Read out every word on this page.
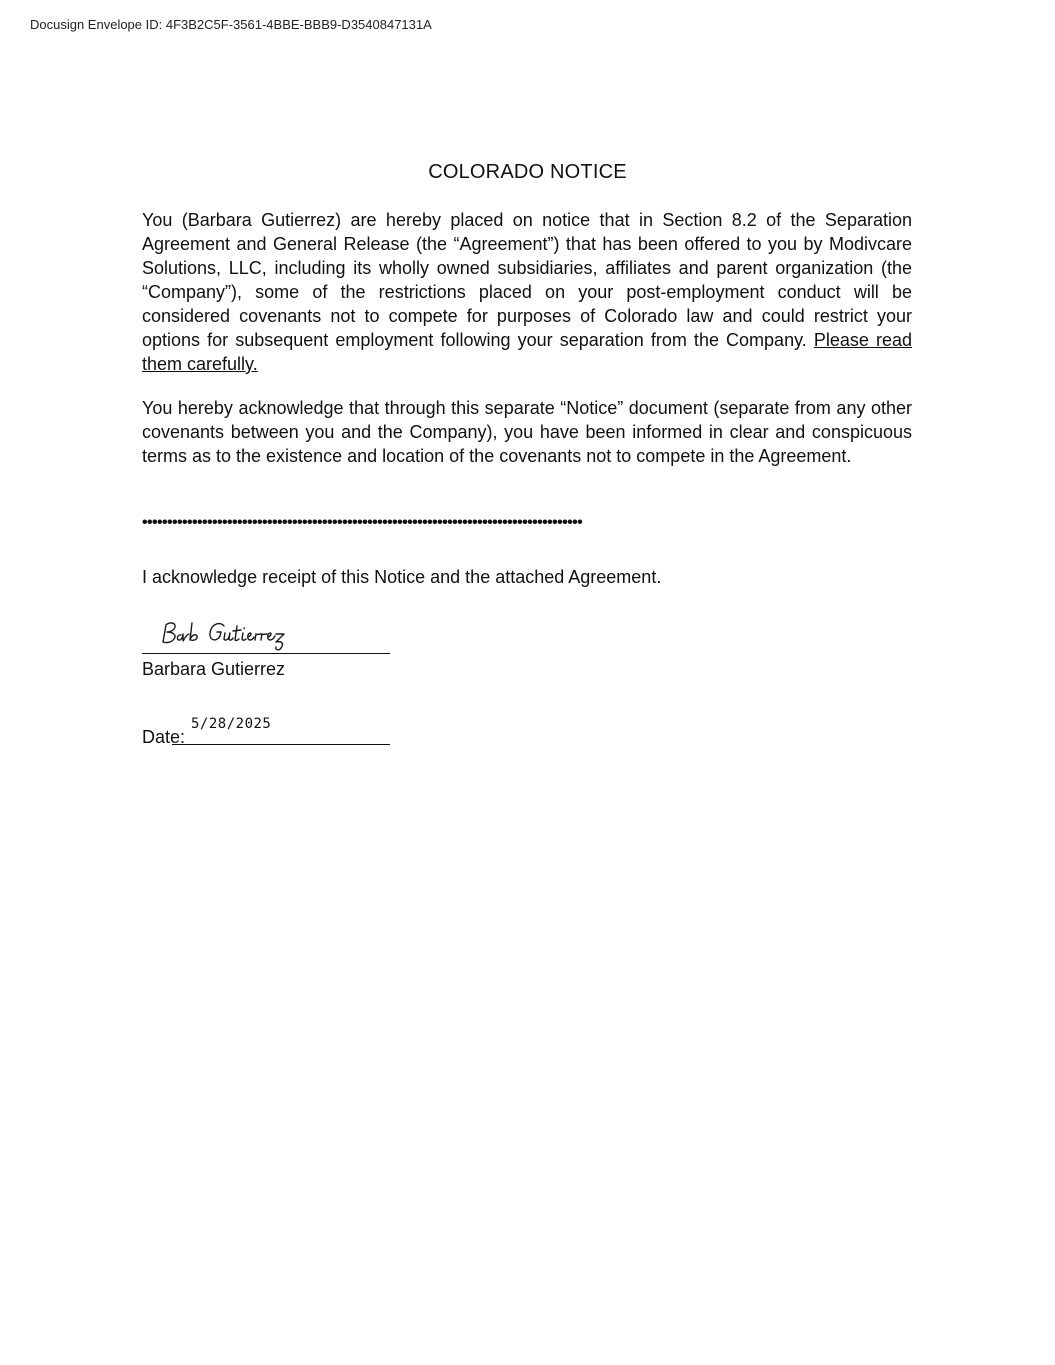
Docusign Envelope ID: 4F3B2C5F-3561-4BBE-BBB9-D3540847131A
COLORADO NOTICE

You (Barbara Gutierrez) are hereby placed on notice that in Section 8.2 of the Separation Agreement and General Release (the “Agreement”) that has been offered to you by Modivcare Solutions, LLC, including its wholly owned subsidiaries, affiliates and parent organization (the “Company”), some of the restrictions placed on your post-employment conduct will be considered covenants not to compete for purposes of Colorado law and could restrict your options for subsequent employment following your separation from the Company. Please read them carefully.

You hereby acknowledge that through this separate “Notice” document (separate from any other covenants between you and the Company), you have been informed in clear and conspicuous terms as to the existence and location of the covenants not to compete in the Agreement.

••••••••••••••••••••••••••••••••••••••••••••••••••••••••••••••••••••••••••••••••••••••••

I acknowledge receipt of this Notice and the attached Agreement.

Barbara Gutierrez
Date:
5/28/2025
